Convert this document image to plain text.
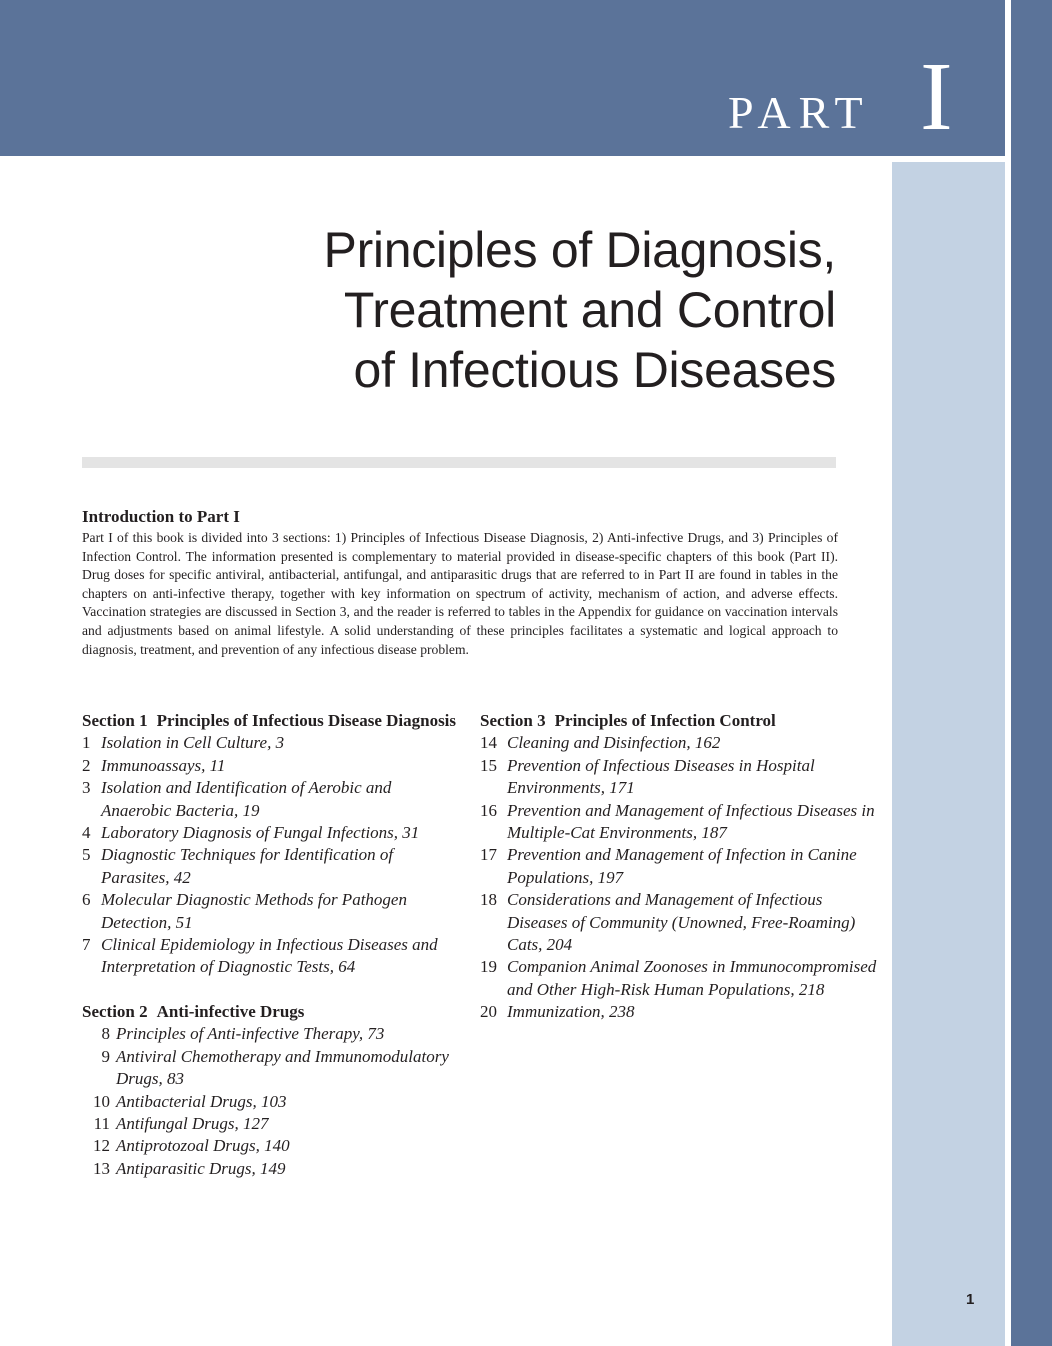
PART I

Principles of Diagnosis,
Treatment and Control
of Infectious Diseases
Introduction to Part I

Part I of this book is divided into 3 sections: 1) Principles of Infectious Disease Diagnosis, 2) Anti-infective Drugs, and 3) Principles of Infection Control. The information presented is complementary to material provided in disease-specific chapters of this book (Part II). Drug doses for specific antiviral, antibacterial, antifungal, and antiparasitic drugs that are referred to in Part II are found in tables in the chapters on anti-infective therapy, together with key information on spectrum of activity, mechanism of action, and adverse effects. Vaccination strategies are discussed in Section 3, and the reader is referred to tables in the Appendix for guidance on vaccination intervals and adjustments based on animal lifestyle. A solid understanding of these principles facilitates a systematic and logical approach to diagnosis, treatment, and prevention of any infectious disease problem.

Section 1 Principles of Infectious Disease Diagnosis
1 Isolation in Cell Culture, 3
2 Immunoassays, 11
3 Isolation and Identification of Aerobic and Anaerobic Bacteria, 19
4 Laboratory Diagnosis of Fungal Infections, 31
5 Diagnostic Techniques for Identification of Parasites, 42
6 Molecular Diagnostic Methods for Pathogen Detection, 51
7 Clinical Epidemiology in Infectious Diseases and Interpretation of Diagnostic Tests, 64
Section 2 Anti-infective Drugs
8 Principles of Anti-infective Therapy, 73
9 Antiviral Chemotherapy and Immunomodulatory Drugs, 83
10 Antibacterial Drugs, 103
11 Antifungal Drugs, 127
12 Antiprotozoal Drugs, 140
13 Antiparasitic Drugs, 149
Section 3 Principles of Infection Control
14 Cleaning and Disinfection, 162
15 Prevention of Infectious Diseases in Hospital Environments, 171
16 Prevention and Management of Infectious Diseases in Multiple-Cat Environments, 187
17 Prevention and Management of Infection in Canine Populations, 197
18 Considerations and Management of Infectious Diseases of Community (Unowned, Free-Roaming) Cats, 204
19 Companion Animal Zoonoses in Immunocompromised and Other High-Risk Human Populations, 218
20 Immunization, 238

1
